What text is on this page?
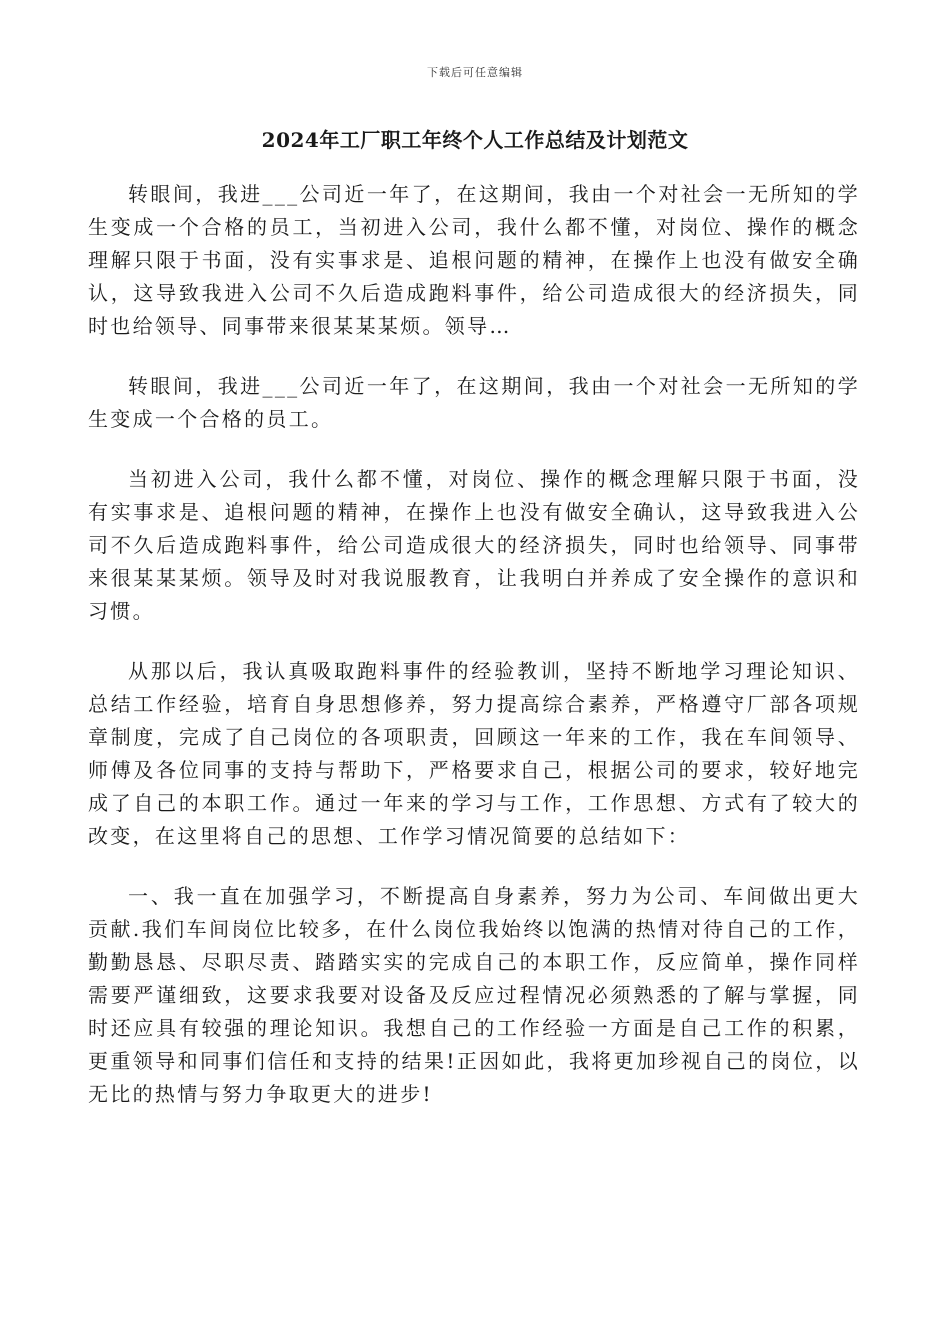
下载后可任意编辑
2024年工厂职工年终个人工作总结及计划范文

转眼间，我进___公司近一年了，在这期间，我由一个对社会一无所知的学生变成一个合格的员工，当初进入公司，我什么都不懂，对岗位、操作的概念理解只限于书面，没有实事求是、追根问题的精神，在操作上也没有做安全确认，这导致我进入公司不久后造成跑料事件，给公司造成很大的经济损失，同时也给领导、同事带来很某某某烦。领导…

转眼间，我进___公司近一年了，在这期间，我由一个对社会一无所知的学生变成一个合格的员工。

当初进入公司，我什么都不懂，对岗位、操作的概念理解只限于书面，没有实事求是、追根问题的精神，在操作上也没有做安全确认，这导致我进入公司不久后造成跑料事件，给公司造成很大的经济损失，同时也给领导、同事带来很某某某烦。领导及时对我说服教育，让我明白并养成了安全操作的意识和习惯。

从那以后，我认真吸取跑料事件的经验教训，坚持不断地学习理论知识、总结工作经验，培育自身思想修养，努力提高综合素养，严格遵守厂部各项规章制度，完成了自己岗位的各项职责，回顾这一年来的工作，我在车间领导、师傅及各位同事的支持与帮助下，严格要求自己，根据公司的要求，较好地完成了自己的本职工作。通过一年来的学习与工作，工作思想、方式有了较大的改变，在这里将自己的思想、工作学习情况简要的总结如下：

一、我一直在加强学习，不断提高自身素养，努力为公司、车间做出更大贡献.我们车间岗位比较多，在什么岗位我始终以饱满的热情对待自己的工作，勤勤恳恳、尽职尽责、踏踏实实的完成自己的本职工作，反应简单，操作同样需要严谨细致，这要求我要对设备及反应过程情况必须熟悉的了解与掌握，同时还应具有较强的理论知识。我想自己的工作经验一方面是自己工作的积累，更重领导和同事们信任和支持的结果!正因如此，我将更加珍视自己的岗位，以无比的热情与努力争取更大的进步!
